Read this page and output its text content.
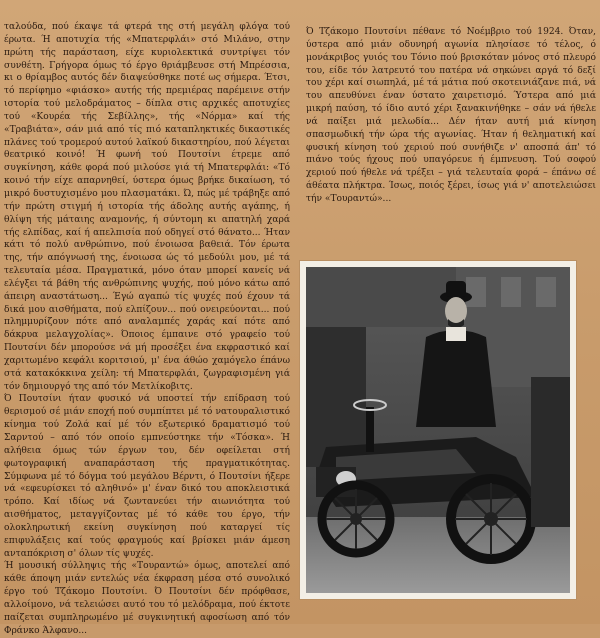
ταλούδα, πού έκαψε τά φτερά της στή μεγάλη φλόγα τού έρωτα. Ή αποτυχία τής «Μπατερφλάι» στό Μιλάνο, στην πρώτη τής παράσταση, είχε κυριολεκτικά συντρίψει τόν συνθέτη. Γρήγορα όμως τό έργο θριάμβευσε στή Μπρέσσια, κι ο θρίαμβος αυτός δέν διαψεύσθηκε ποτέ ως σήμερα. Έτσι, τό περίφημο «φιάσκο» αυτής τής πρεμιέρας παρέμεινε στήν ιστορία τού μελοδράματος – δίπλα στις αρχικές αποτυχίες τού «Κουρέα τής Σεβίλλης», τής «Νόρμα» καί τής «Τραβιάτα», σάν μιά από τίς πιό καταπληκτικές δικαστικές πλάνες τού τρομερού αυτού λαϊκού δικαστηρίου, πού λέγεται θεατρικό κοινό! Ή φωνή τού Πουτσίνι έτρεμε από συγκίνηση, κάθε φορά πού μιλούσε γιά τή Μπατερφλάι: «Τό κοινό τήν είχε απαρνηθεί, ύστερα όμως βρήκε δικαίωση, τό μικρό δυστυχισμένο μου πλασματάκι. Ώ, πώς μέ τράβηξε από τήν πρώτη στιγμή ή ιστορία τής άδολης αυτής αγάπης, ή θλίψη τής μάταιης αναμονής, ή σύντομη κι απατηλή χαρά τής ελπίδας, καί ή απελπισία πού οδηγεί στό θάνατο... Ήταν κάτι τό πολύ ανθρώπινο, πού ένοιωσα βαθειά. Τόν έρωτα της, τήν απόγνωσή της, ένοιωσα ώς τό μεδούλι μου, μέ τά τελευταία μέσα. Πραγματικά, μόνο όταν μπορεί κανείς νά ελέγξει τά βάθη τής ανθρώπινης ψυχής, πού μόνο κάτω από άπειρη αναστάτωση... Έγώ αγαπώ τίς ψυχές πού έχουν τά δικά μου αισθήματα, πού ελπίζουν... πού ονειρεύονται... πού πλημμυρίζουν πότε από αναλαμπές χαράς καί πότε από δάκρυα μελαγχολίας». Όποιος έμπαινε στό γραφείο τού Πουτσίνι δέν μπορούσε νά μή προσέξει ένα εκφραστικό καί χαριτωμένο κεφάλι κοριτσιού, μ' ένα άθώο χαμόγελο έπάνω στά κατακόκκινα χείλη: τή Μπατερφλάι, ζωγραφισμένη γιά τόν δημιουργό της από τόν Μετλίκοβιτς.

Ό Πουτσίνι ήταν φυσικό νά υποστεί τήν επίδραση τού θερισμού σέ μιάν εποχή πού συμπίπτει μέ τό νατουραλιστικό κίνημα τού Ζολά καί μέ τόν εξωτερικό δραματισμό τού Σαρντού – από τόν οποίο εμπνεύστηκε τήν «Τόσκα». Ή αλήθεια όμως τών έργων του, δέν οφείλεται στή φωτογραφική αναπαράσταση τής πραγματικότητας. Σύμφωνα μέ τό δόγμα τού μεγάλου Βέρντι, ό Πουτσίνι ήξερε νά «εφευρίσκει τό αληθινό» μ' έναν δικό του αποκλειστικά τρόπο. Καί ιδίως νά ζωντανεύει τήν αιωνιότητα τού αισθήματος, μεταγγίζοντας μέ τό κάθε του έργο, τήν ολοκληρωτική εκείνη συγκίνηση πού καταργεί τίς επιφυλάξεις καί τούς φραγμούς καί βρίσκει μιάν άμεση ανταπόκριση σ' όλων τίς ψυχές.

Ή μουσική σύλληψις τής «Τουραντώ» όμως, αποτελεί από κάθε άποψη μιάν εντελώς νέα έκφραση μέσα στό συνολικό έργο τού Τζάκομο Πουτσίνι. Ό Πουτσίνι δέν πρόφθασε, αλλοίμονο, νά τελειώσει αυτό του τό μελόδραμα, πού έκτοτε παίζεται συμπληρωμένο μέ συγκινητική αφοσίωση από τόν Φράνκο Άλφανο...

Ό Τζάκομο Πουτσίνι πέθανε τό Νοέμβριο τού 1924. Όταν, ύστερα από μιάν οδυνηρή αγωνία πλησίασε τό τέλος, ό μονάκριβος γυιός του Τόνιο πού βρισκόταν μόνος στό πλευρό του, είδε τόν λατρευτό του πατέρα νά σηκώνει αργά τό δεξί του χέρι καί σιωπηλά, μέ τά μάτια πού σκοτεινιάζανε πιά, νά του απευθύνει έναν ύστατο χαιρετισμό. Ύστερα από μιά μικρή παύση, τό ίδιο αυτό χέρι ξανακινήθηκε – σάν νά ήθελε νά παίξει μιά μελωδία... Δέν ήταν αυτή μιά κίνηση σπασμωδική τήν ώρα τής αγωνίας. Ήταν ή θεληματική καί φυσική κίνηση τού χεριού πού συνήθιζε ν' αποσπά άπ' τό πιάνο τούς ήχους πού υπαγόρευε ή έμπνευση. Τού σοφού χεριού πού ήθελε νά τρέξει – γιά τελευταία φορά – έπάνω σέ άθέατα πλήκτρα. Ίσως, ποιός ξέρει, ίσως γιά ν' αποτελειώσει τήν «Τουραντώ»...
